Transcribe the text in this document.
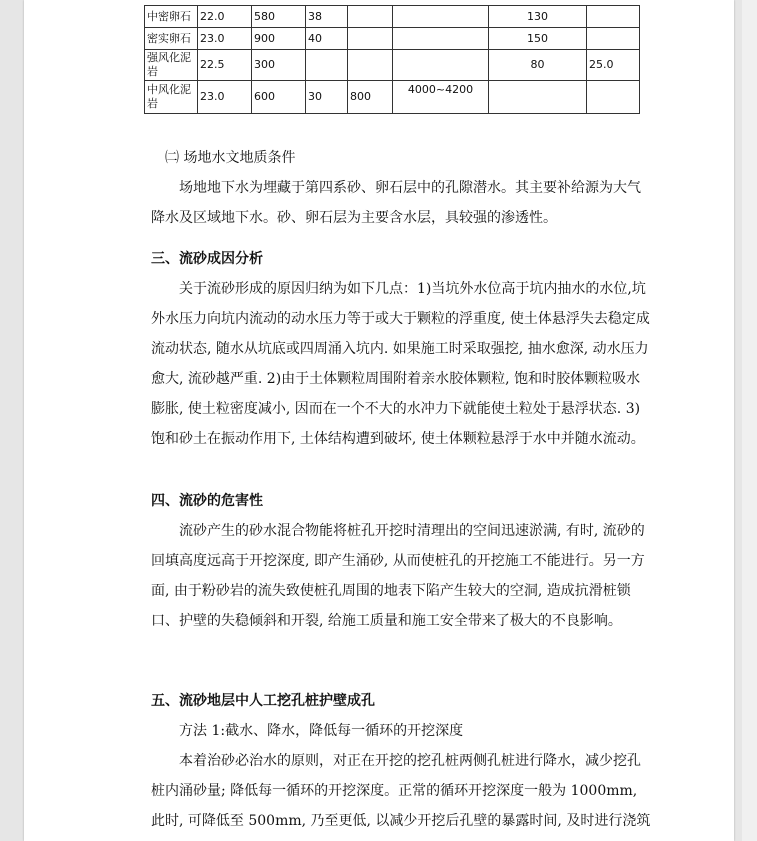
中密卵石	22.0	580	38			130	
密实卵石	23.0	900	40			150	
强风化泥岩	22.5	300				80	25.0
中风化泥岩	23.0	600	30	800	4000~4200		

㈡ 场地水文地质条件

场地地下水为埋藏于第四系砂、卵石层中的孔隙潜水。其主要补给源为大气降水及区域地下水。砂、卵石层为主要含水层，具较强的渗透性。

三、流砂成因分析

关于流砂形成的原因归纳为如下几点：1)当坑外水位高于坑内抽水的水位,坑外水压力向坑内流动的动水压力等于或大于颗粒的浮重度, 使土体悬浮失去稳定成流动状态, 随水从坑底或四周涌入坑内. 如果施工时采取强挖, 抽水愈深, 动水压力愈大, 流砂越严重. 2)由于土体颗粒周围附着亲水胶体颗粒, 饱和时胶体颗粒吸水膨胀, 使土粒密度减小, 因而在一个不大的水冲力下就能使土粒处于悬浮状态. 3)饱和砂土在振动作用下, 土体结构遭到破坏, 使土体颗粒悬浮于水中并随水流动。

四、流砂的危害性

流砂产生的砂水混合物能将桩孔开挖时清理出的空间迅速淤满, 有时, 流砂的回填高度远高于开挖深度, 即产生涌砂, 从而使桩孔的开挖施工不能进行。另一方面, 由于粉砂岩的流失致使桩孔周围的地表下陷产生较大的空洞, 造成抗滑桩锁口、护壁的失稳倾斜和开裂, 给施工质量和施工安全带来了极大的不良影响。

五、流砂地层中人工挖孔桩护壁成孔

方法 1:截水、降水，降低每一循环的开挖深度

本着治砂必治水的原则，对正在开挖的挖孔桩两侧孔桩进行降水，减少挖孔桩内涌砂量; 降低每一循环的开挖深度。正常的循环开挖深度一般为 1000mm, 此时, 可降低至 500mm, 乃至更低, 以减少开挖后孔壁的暴露时间, 及时进行浇筑
